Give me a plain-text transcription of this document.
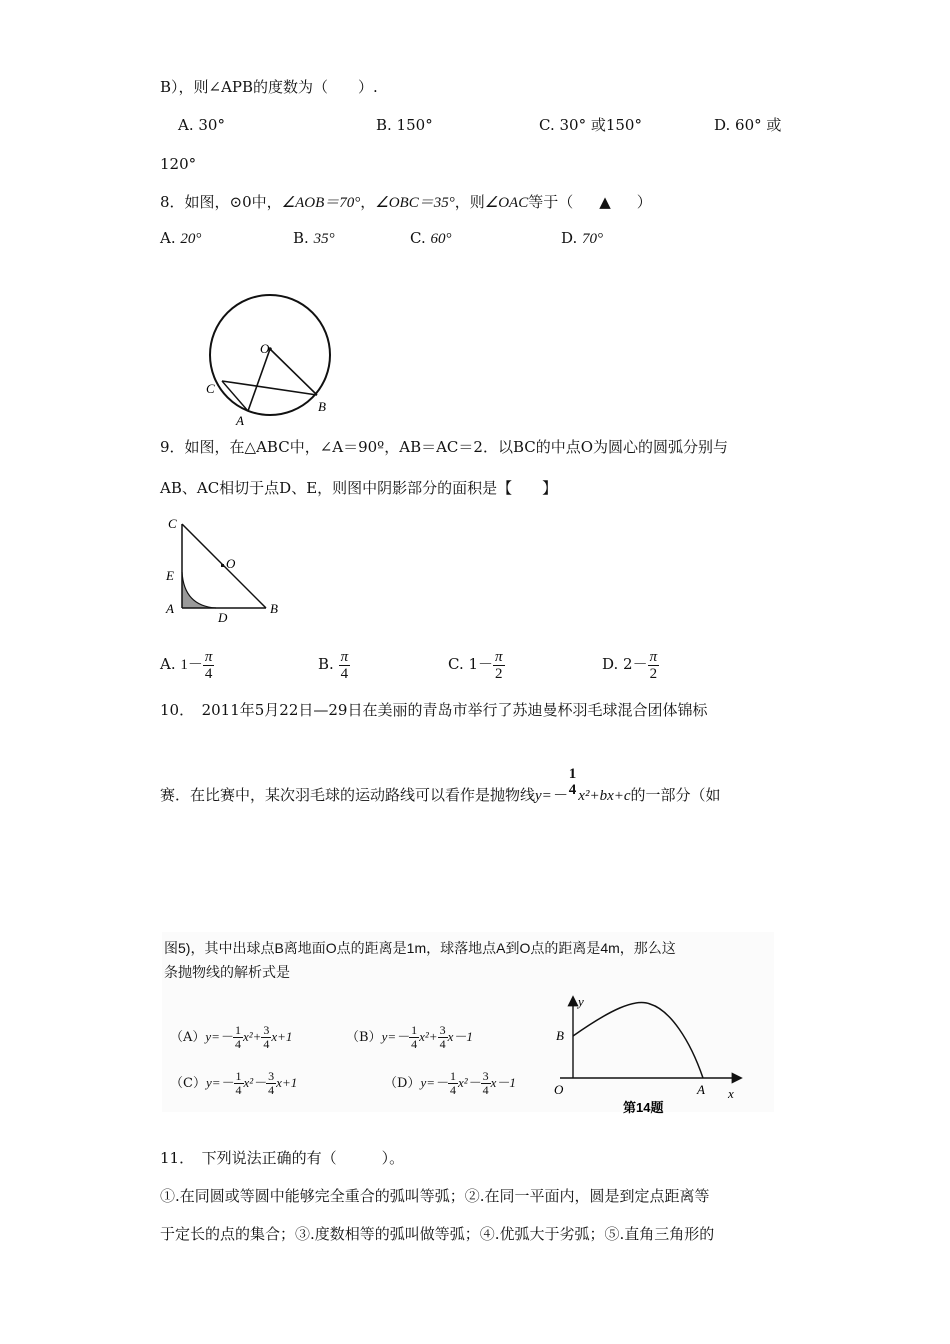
B），则∠APB的度数为（　　）.
A. 30°	B. 150°	C. 30° 或150°	D. 60° 或
120°
8．如图，⊙0中，∠AOB＝70°，∠OBC＝35°，则∠OAC等于（ ▲ ）
A. 20°	B. 35°	C. 60°	D. 70°
O
C
A
B
9．如图，在△ABC中，∠A＝90º，AB＝AC＝2．以BC的中点O为圆心的圆弧分别与
AB、AC相切于点D、E，则图中阴影部分的面积是【　　】
C
O
E
A
D
B
A. $1- \frac{\pi}{4}$	B. $\frac{\pi}{4}$	C. $1- \frac{\pi}{2}$	D. $2- \frac{\pi}{2}$
10．　2011年5月22日—29日在美丽的青岛市举行了苏迪曼杯羽毛球混合团体锦标
赛．在比赛中，某次羽毛球的运动路线可以看作是抛物线y=－
1
4 x²+bx+c的一部分（如
图5)，其中出球点B离地面O点的距离是1m，球落地点A到O点的距离是4m，那么这
条抛物线的解析式是
$(A)y=- \frac{1}{4} x^2+ \frac{3}{4} x+1$	$(B)y=- \frac{1}{4} x^2+ \frac{3}{4} x-1$
$(C)y=- \frac{1}{4} x^2- \frac{3}{4} x+1$	$(D)y=- \frac{1}{4} x^2- \frac{3}{4} x-1$
y
B
O	A x
第14题
11．　下列说法正确的有（　　　）。
①.在同圆或等圆中能够完全重合的弧叫等弧；②.在同一平面内，圆是到定点距离等
于定长的点的集合；③.度数相等的弧叫做等弧；④.优弧大于劣弧；⑤.直角三角形的
